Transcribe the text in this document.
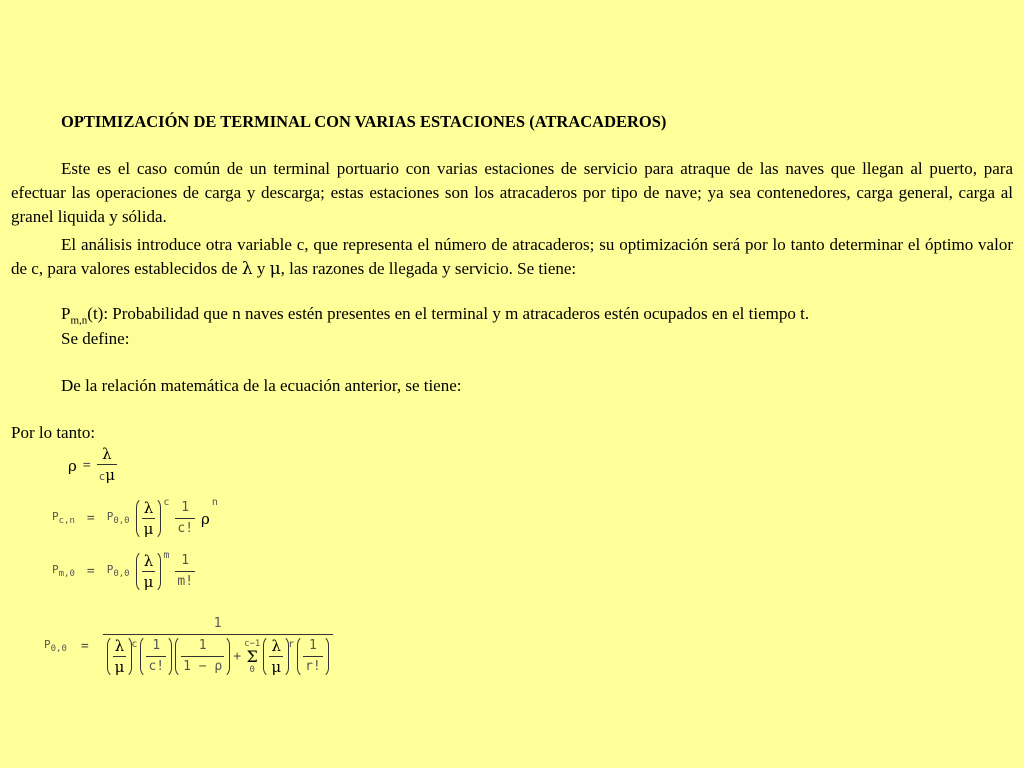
OPTIMIZACIÓN DE TERMINAL CON VARIAS ESTACIONES (ATRACADEROS)
Este es el caso común de un terminal portuario con varias estaciones de servicio para atraque de las naves que llegan al puerto, para efectuar las operaciones de carga y descarga; estas estaciones son los atracaderos por tipo de nave; ya sea contenedores, carga general, carga al granel liquida y sólida.
El análisis introduce otra variable c, que representa el número de atracaderos; su optimización será por lo tanto determinar el óptimo valor de c, para valores establecidos de λ y μ, las razones de llegada y servicio. Se tiene:
$P_{m,n}(t)$: Probabilidad que n naves estén presentes en el terminal y m atracaderos estén ocupados en el tiempo t.
Se define:
De la relación matemática de la ecuación anterior, se tiene:
Por lo tanto:
$\rho = \frac{\lambda}{c\mu}$
$P_{c,n} = P_{0,0} \frac{\lambda}{\mu}$ c $\frac{1}{c!}$ ρ
n
$P_{m,0} = P_{0,0} \frac{\lambda}{\mu}$ m $\frac{1}{m!}$
$P_{0,0}$ =
1
$\frac{\lambda}{\mu}$ c $\frac{1}{c!} \frac{1}{1 - \rho}$ +
c−1
Σ
$0 \frac{\lambda}{\mu}$ r $\frac{1}{r!}$
